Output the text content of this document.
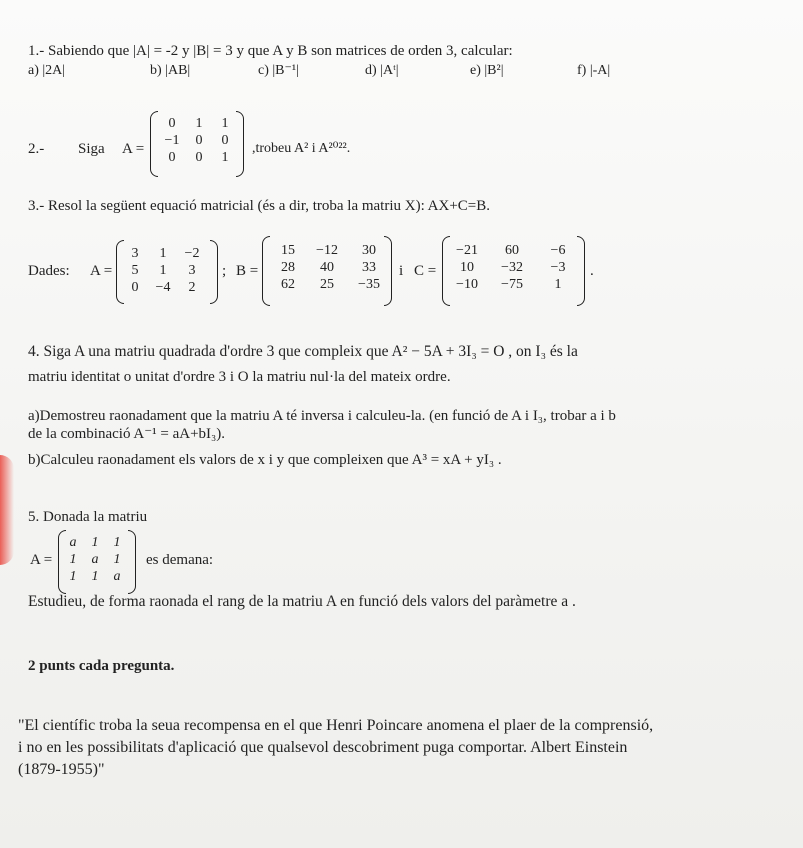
1.- Sabiendo que |A| = -2 y |B| = 3 y que A y B son matrices de orden 3, calcular:
a) |2A|	b) |AB|	c) |B⁻¹|	d) |Aᵗ|	e) |B²|	f) |-A|
2.- Siga A =
0	1	1
−1	0	0
0	0	1
,trobeu A² i A²⁰²².
3.- Resol la següent equació matricial (és a dir, troba la matriu X): AX+C=B.
Dades: A =
3	1	−2
5	1	3
0	−4	2
; B =
15	−12	30
28	40	33
62	25	−35
i C =
−21	60	−6
10	−32	−3
−10	−75	1
.
4. Siga A una matriu quadrada d'ordre 3 que compleix que A² − 5A + 3I₃ = O , on I₃ és la
matriu identitat o unitat d'ordre 3 i O la matriu nul·la del mateix ordre.
a)Demostreu raonadament que la matriu A té inversa i calculeu-la. (en funció de A i I₃, trobar a i b
de la combinació A⁻¹ = aA+bI₃).
b)Calculeu raonadament els valors de x i y que compleixen que A³ = xA + yI₃ .
5. Donada la matriu
A =
a	1	1
1	a	1
1	1	a
es demana:
Estudieu, de forma raonada el rang de la matriu A en funció dels valors del paràmetre a .
2 punts cada pregunta.
"El científic troba la seua recompensa en el que Henri Poincare anomena el plaer de la comprensió,
i no en les possibilitats d'aplicació que qualsevol descobriment puga comportar. Albert Einstein
(1879-1955)"
